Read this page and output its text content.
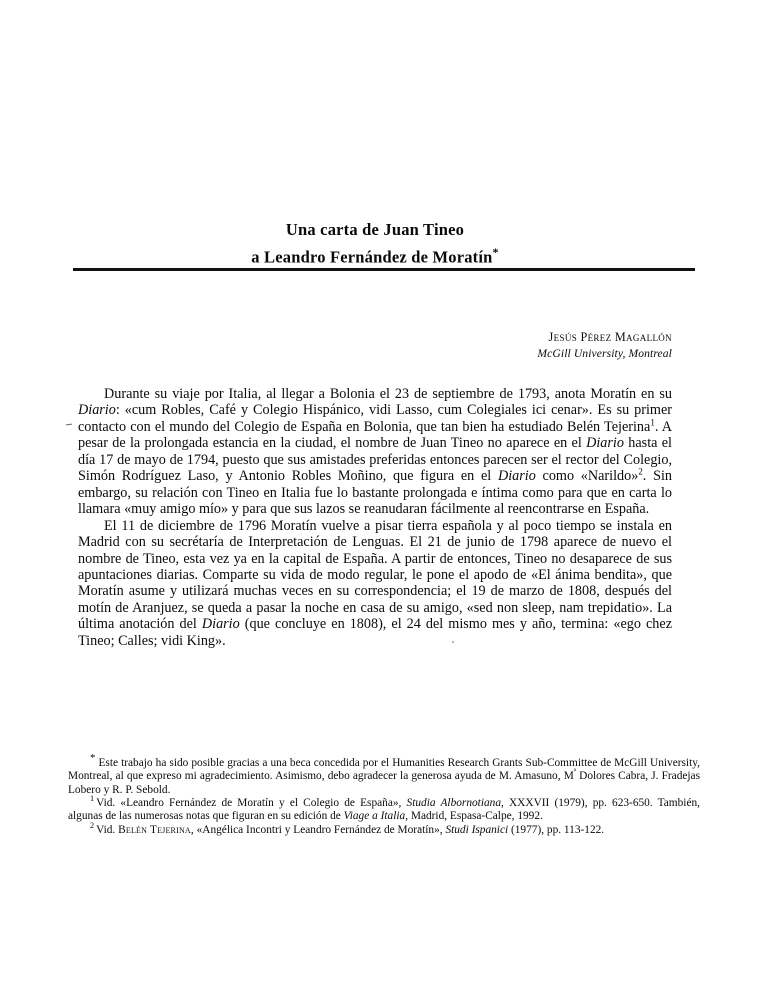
Una carta de Juan Tineo
a Leandro Fernández de Moratín*
Jesús Pérez Magallón
McGill University, Montreal

Durante su viaje por Italia, al llegar a Bolonia el 23 de septiembre de 1793, anota Moratín en su Diario: «cum Robles, Café y Colegio Hispánico, vidi Lasso, cum Colegiales ici cenar». Es su primer contacto con el mundo del Colegio de España en Bolonia, que tan bien ha estudiado Belén Tejerina$^1$. A pesar de la prolongada estancia en la ciudad, el nombre de Juan Tineo no aparece en el Diario hasta el día 17 de mayo de 1794, puesto que sus amistades preferidas entonces parecen ser el rector del Colegio, Simón Rodríguez Laso, y Antonio Robles Moñino, que figura en el Diario como «Narildo»$^2$. Sin embargo, su relación con Tineo en Italia fue lo bastante prolongada e íntima como para que en carta lo llamara «muy amigo mío» y para que sus lazos se reanudaran fácilmente al reencontrarse en España.

El 11 de diciembre de 1796 Moratín vuelve a pisar tierra española y al poco tiempo se instala en Madrid con su secrétaría de Interpretación de Lenguas. El 21 de junio de 1798 aparece de nuevo el nombre de Tineo, esta vez ya en la capital de España. A partir de entonces, Tineo no desaparece de sus apuntaciones diarias. Comparte su vida de modo regular, le pone el apodo de «El ánima bendita», que Moratín asume y utilizará muchas veces en su correspondencia; el 19 de marzo de 1808, después del motín de Aranjuez, se queda a pasar la noche en casa de su amigo, «sed non sleep, nam trepidatio». La última anotación del Diario (que concluye en 1808), el 24 del mismo mes y año, termina: «ego chez Tineo; Calles; vidi King».

* Este trabajo ha sido posible gracias a una beca concedida por el Humanities Research Grants Sub-Committee de McGill University, Montreal, al que expreso mi agradecimiento. Asimismo, debo agradecer la generosa ayuda de M. Amasuno, $M^ª$ Dolores Cabra, J. Fradejas Lobero y R. P. Sebold.

$^1$ Vid. «Leandro Fernández de Moratín y el Colegio de España», Studia Albornotiana, XXXVII (1979), pp. 623-650. También, algunas de las numerosas notas que figuran en su edición de Viage a Italia, Madrid, Espasa-Calpe, 1992.

$^2$ Vid. Belén Tejerina, «Angélica Incontri y Leandro Fernández de Moratín», Studi Ispanici (1977), pp. 113-122.
